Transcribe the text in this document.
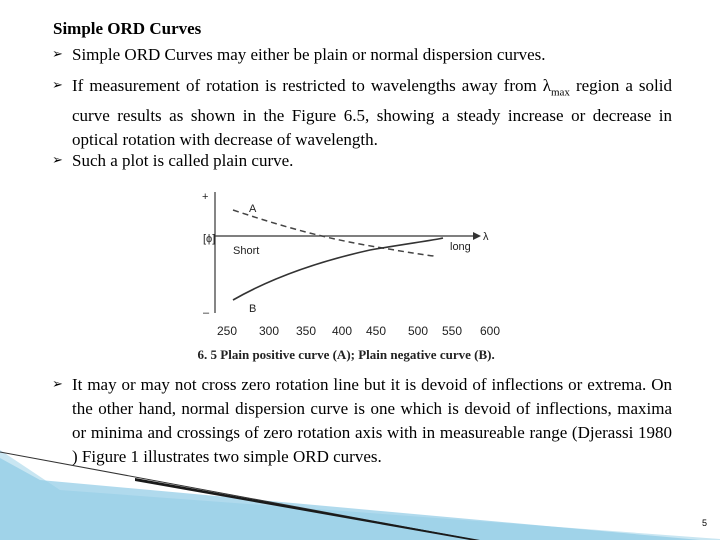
Simple ORD Curves
➢ Simple ORD Curves may either be plain or normal dispersion curves.
➢ If measurement of rotation is restricted to wavelengths away from $\lambda_{max}$ region a solid curve results as shown in the Figure 6.5, showing a steady increase or decrease in optical rotation with decrease of wavelength.
➢ Such a plot is called plain curve.
+
–
[ϕ]	λ
Short	long
A
B
250 300 350 400 450 500 550 600
Fig. 6. 5 Plain positive curve (A); Plain negative curve (B).
➢ It may or may not cross zero rotation line but it is devoid of inflections or extrema. On the other hand, normal dispersion curve is one which is devoid of inflections, maxima or minima and crossings of zero rotation axis with in measureable range (Djerassi 1980 ) Figure 1 illustrates two simple ORD curves.
5
